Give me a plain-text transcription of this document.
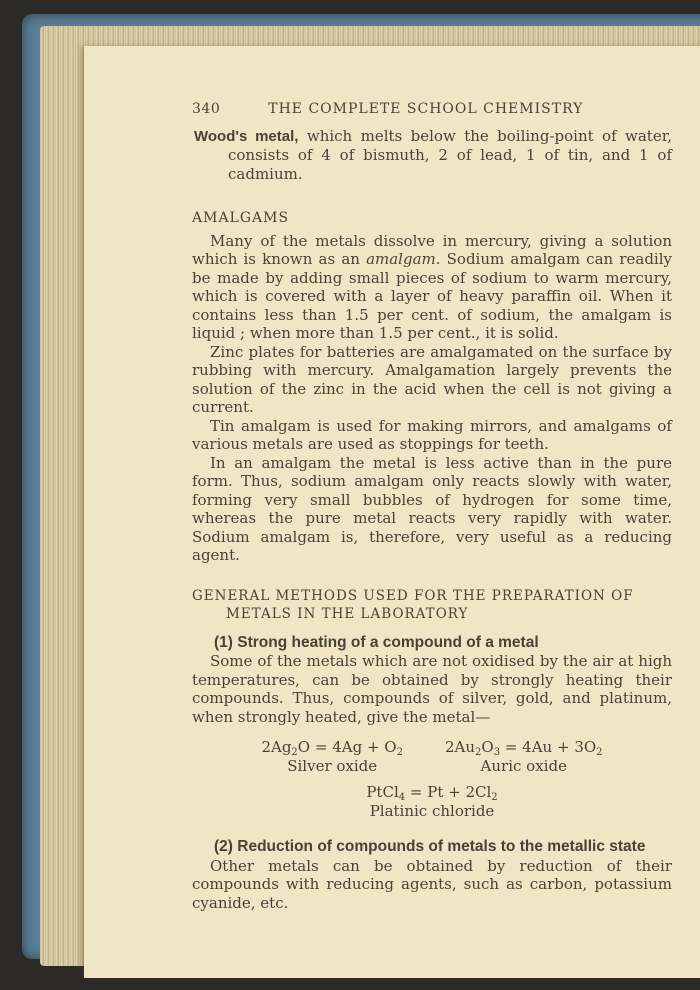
340	THE COMPLETE SCHOOL CHEMISTRY

Wood's metal, which melts below the boiling-point of water, consists of 4 of bismuth, 2 of lead, 1 of tin, and 1 of cadmium.

AMALGAMS

Many of the metals dissolve in mercury, giving a solution which is known as an amalgam. Sodium amalgam can readily be made by adding small pieces of sodium to warm mercury, which is covered with a layer of heavy paraffin oil. When it contains less than 1.5 per cent. of sodium, the amalgam is liquid ; when more than 1.5 per cent., it is solid.

Zinc plates for batteries are amalgamated on the surface by rubbing with mercury. Amalgamation largely prevents the solution of the zinc in the acid when the cell is not giving a current.

Tin amalgam is used for making mirrors, and amalgams of various metals are used as stoppings for teeth.

In an amalgam the metal is less active than in the pure form. Thus, sodium amalgam only reacts slowly with water, forming very small bubbles of hydrogen for some time, whereas the pure metal reacts very rapidly with water. Sodium amalgam is, therefore, very useful as a reducing agent.

GENERAL METHODS USED FOR THE PREPARATION OF METALS IN THE LABORATORY
(1) Strong heating of a compound of a metal

Some of the metals which are not oxidised by the air at high temperatures, can be obtained by strongly heating their compounds. Thus, compounds of silver, gold, and platinum, when strongly heated, give the metal—

$2Ag_2O = 4Ag + O_2$
Silver oxide
$2Au_2O_3 = 4Au + 3O_2$
Auric oxide
PtCl$_4$ = $Pt + 2Cl_2$
Platinic chloride
(2) Reduction of compounds of metals to the metallic state

Other metals can be obtained by reduction of their compounds with reducing agents, such as carbon, potassium cyanide, etc.
